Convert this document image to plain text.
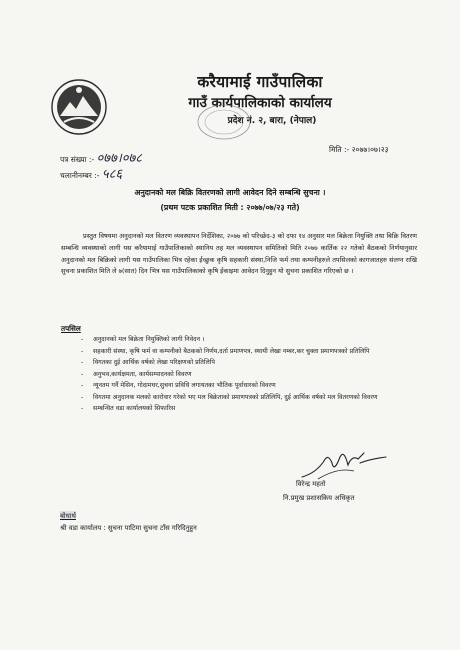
करैयामाई गाउँपालिका
गाउँ कार्यपालिकाको कार्यालय
प्रदेश नं. २, बारा, (नेपाल)
पत्र संख्या :- ०७७।०७८
चलानीनम्बर :- ५८६
मिति :- २०७७।०७।२३
अनुदानको मल बिक्रि वितरणको लागी आवेदन दिने सम्बन्धि सुचना ।
(प्रथम पटक प्रकाशित मिती : २०७७/०७/२३ गते)
प्रस्तुत विषयमा अनुदानको मल वितरण व्यवस्थापन निर्देशिका, २०७७ को परिच्छेद-३ को दफा १४ अनुसार मल बिक्रेता नियुक्ति तथा बिक्रि वितरण सम्बन्धि व्यवस्थाको लागी यस करैयामाई गाउँपालिकाको स्थानिय तह मल व्यवस्थापन समितिको मिति २०७७ कार्तिक २२ गतेको बैठकको निर्णयानुसार अनुदानको मल बिक्रिको लागी यस गाउँपालिका भित्र रहेका ईच्छुक कृषि सहकारी संस्था,निजि फर्म तथा कम्पनीहरुले तपसिलको कागजातहरु संलग्न राखि सुचना प्रकाशित मिति ले ७(सात) दिन भित्र यस गाउँपालिकाको कृषि ईकाइमा आवेदन दिनुहुन यो सुचना प्रकाशित गरिएको छ ।
तपसिल
- अनुदानको मल बिक्रेता नियुक्तिको लागी निवेदन ।
- सहकारी संस्था, कृषि फर्म वा कम्पनीको बैठकको निर्णय,दर्ता प्रमाणपत्र, स्थायी लेखा नम्बर,कर चुक्ता प्रमाणपत्रको प्रतिलिपि
- विगतका दुई आर्थिक वर्षको लेखा परिक्षणको प्रतिलिपि
- अनुभव,कार्यक्षमता, कार्यसम्पादनको विवरण
- न्यूनतम गर्नै मेसिन, गोदामघर,सुचना प्रविधि लगायतका भौतिक पूर्वाधारको विवरण
- विगतमा अनुदानक मलको कारोवार गरेको भए मल बिक्रेताको प्रमाणपत्रको प्रतिलिपि, दुई आर्थिक वर्षको मल वितरणको विवरण
- सम्बन्धित वडा कार्यालयको सिफारिस
विरेन्द्र महतो
नि.प्रमुख प्रशासकिय अधिकृत
बोधार्थ
श्री वडा कार्यालय : सुचना पाटिमा सुचना टाँस गरिदिनुहुन
